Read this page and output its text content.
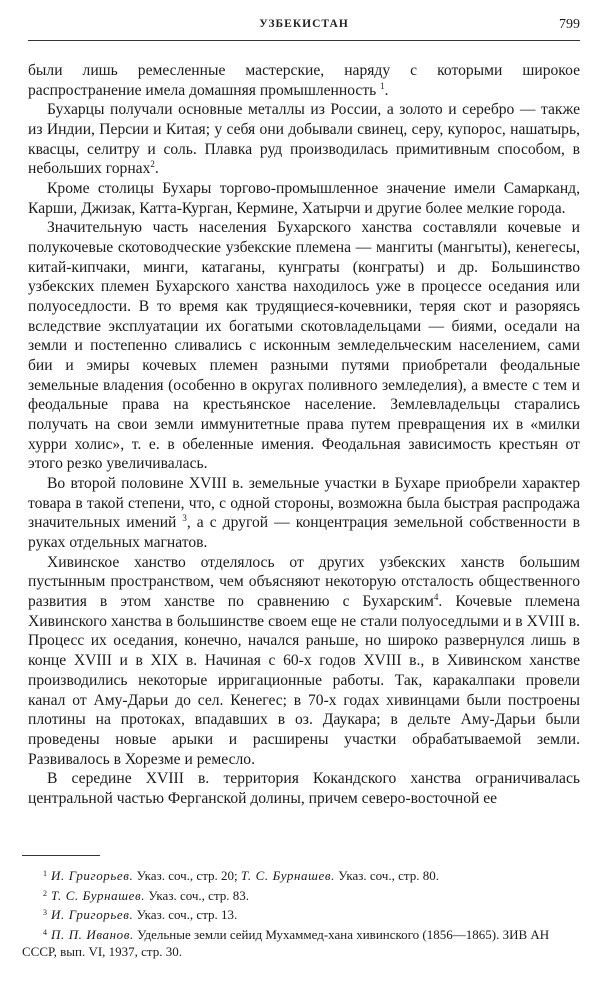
УЗБЕКИСТАН	799

были лишь ремесленные мастерские, наряду с которыми широкое распространение имела домашняя промышленность $^1$.

Бухарцы получали основные металлы из России, а золото и серебро — также из Индии, Персии и Китая; у себя они добывали свинец, серу, купорос, нашатырь, квасцы, селитру и соль. Плавка руд производилась примитивным способом, в небольших горнах$^2$.

Кроме столицы Бухары торгово-промышленное значение имели Самарканд, Карши, Джизак, Катта-Курган, Кермине, Хатырчи и другие более мелкие города.

Значительную часть населения Бухарского ханства составляли кочевые и полукочевые скотоводческие узбекские племена — мангиты (мангыты), кенегесы, китай-кипчаки, минги, катаганы, кунграты (конграты) и др. Большинство узбекских племен Бухарского ханства находилось уже в процессе оседания или полуоседлости. В то время как трудящиеся-кочевники, теряя скот и разоряясь вследствие эксплуатации их богатыми скотовладельцами — биями, оседали на земли и постепенно сливались с исконным земледельческим населением, сами бии и эмиры кочевых племен разными путями приобретали феодальные земельные владения (особенно в округах поливного земледелия), а вместе с тем и феодальные права на крестьянское население. Землевладельцы старались получать на свои земли иммунитетные права путем превращения их в «милки хурри холис», т. е. в обеленные имения. Феодальная зависимость крестьян от этого резко увеличивалась.

Во второй половине XVIII в. земельные участки в Бухаре приобрели характер товара в такой степени, что, с одной стороны, возможна была быстрая распродажа значительных имений $^3$, а с другой — концентрация земельной собственности в руках отдельных магнатов.

Хивинское ханство отделялось от других узбекских ханств большим пустынным пространством, чем объясняют некоторую отсталость общественного развития в этом ханстве по сравнению с Бухарским$^4$. Кочевые племена Хивинского ханства в большинстве своем еще не стали полуоседлыми и в XVIII в. Процесс их оседания, конечно, начался раньше, но широко развернулся лишь в конце XVIII и в XIX в. Начиная с 60-х годов XVIII в., в Хивинском ханстве производились некоторые ирригационные работы. Так, каракалпаки провели канал от Аму-Дарьи до сел. Кенегес; в 70-х годах хивинцами были построены плотины на протоках, впадавших в оз. Даукара; в дельте Аму-Дарьи были проведены новые арыки и расширены участки обрабатываемой земли. Развивалось в Хорезме и ремесло.

В середине XVIII в. территория Кокандского ханства ограничивалась центральной частью Ферганской долины, причем северо-восточной ее

$^1$ И. Григорьев. Указ. соч., стр. 20; Т. С. Бурнашев. Указ. соч., стр. 80.

$^2$ Т. С. Бурнашев. Указ. соч., стр. 83.

$^3$ И. Григорьев. Указ. соч., стр. 13.

$^4$ П. П. Иванов. Удельные земли сейид Мухаммед-хана хивинского (1856—1865). ЗИВ АН СССР, вып. VI, 1937, стр. 30.
